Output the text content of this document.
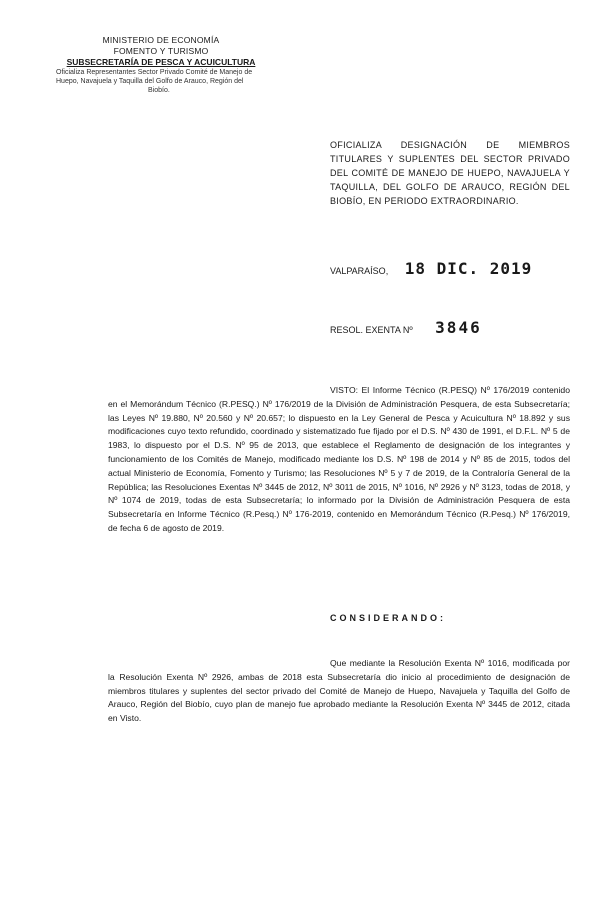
MINISTERIO DE ECONOMÍA
FOMENTO Y TURISMO
SUBSECRETARÍA DE PESCA Y ACUICULTURA
Oficializa Representantes Sector Privado Comité de Manejo de
Huepo, Navajuela y Taquilla del Golfo de Arauco, Región del
Biobío.
OFICIALIZA DESIGNACIÓN DE MIEMBROS TITULARES Y SUPLENTES DEL SECTOR PRIVADO DEL COMITÉ DE MANEJO DE HUEPO, NAVAJUELA Y TAQUILLA, DEL GOLFO DE ARAUCO, REGIÓN DEL BIOBÍO, EN PERIODO EXTRAORDINARIO.
VALPARAÍSO, 18 DIC. 2019
RESOL. EXENTA Nº 3846
VISTO: El Informe Técnico (R.PESQ) Nº 176/2019 contenido en el Memorándum Técnico (R.PESQ.) Nº 176/2019 de la División de Administración Pesquera, de esta Subsecretaría; las Leyes Nº 19.880, Nº 20.560 y Nº 20.657; lo dispuesto en la Ley General de Pesca y Acuicultura Nº 18.892 y sus modificaciones cuyo texto refundido, coordinado y sistematizado fue fijado por el D.S. Nº 430 de 1991, el D.F.L. Nº 5 de 1983, lo dispuesto por el D.S. Nº 95 de 2013, que establece el Reglamento de designación de los integrantes y funcionamiento de los Comités de Manejo, modificado mediante los D.S. Nº 198 de 2014 y Nº 85 de 2015, todos del actual Ministerio de Economía, Fomento y Turismo; las Resoluciones Nº 5 y 7 de 2019, de la Contraloría General de la República; las Resoluciones Exentas Nº 3445 de 2012, Nº 3011 de 2015, Nº 1016, Nº 2926 y Nº 3123, todas de 2018, y Nº 1074 de 2019, todas de esta Subsecretaría; lo informado por la División de Administración Pesquera de esta Subsecretaría en Informe Técnico (R.Pesq.) Nº 176-2019, contenido en Memorándum Técnico (R.Pesq.) Nº 176/2019, de fecha 6 de agosto de 2019.
CONSIDERANDO:
Que mediante la Resolución Exenta Nº 1016, modificada por la Resolución Exenta Nº 2926, ambas de 2018 esta Subsecretaría dio inicio al procedimiento de designación de miembros titulares y suplentes del sector privado del Comité de Manejo de Huepo, Navajuela y Taquilla del Golfo de Arauco, Región del Biobío, cuyo plan de manejo fue aprobado mediante la Resolución Exenta Nº 3445 de 2012, citada en Visto.
